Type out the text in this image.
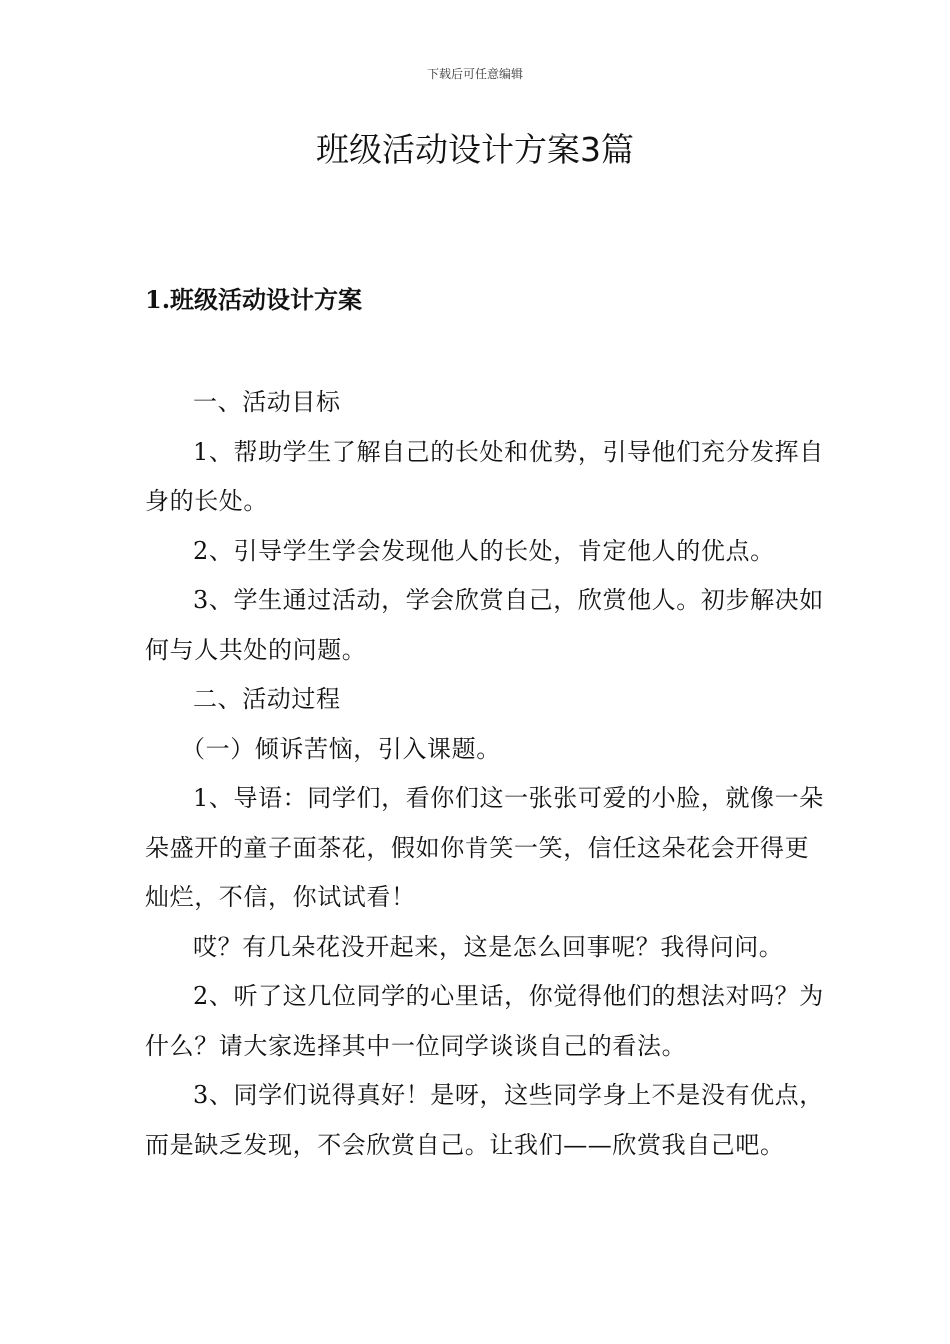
下载后可任意编辑
班级活动设计方案3篇
1.班级活动设计方案

一、活动目标

1、帮助学生了解自己的长处和优势，引导他们充分发挥自身的长处。

2、引导学生学会发现他人的长处，肯定他人的优点。

3、学生通过活动，学会欣赏自己，欣赏他人。初步解决如何与人共处的问题。

二、活动过程

（一）倾诉苦恼，引入课题。

1、导语：同学们，看你们这一张张可爱的小脸，就像一朵朵盛开的童子面茶花，假如你肯笑一笑，信任这朵花会开得更灿烂，不信，你试试看！

哎？有几朵花没开起来，这是怎么回事呢？我得问问。

2、听了这几位同学的心里话，你觉得他们的想法对吗？为什么？请大家选择其中一位同学谈谈自己的看法。

3、同学们说得真好！是呀，这些同学身上不是没有优点，而是缺乏发现，不会欣赏自己。让我们——欣赏我自己吧。
